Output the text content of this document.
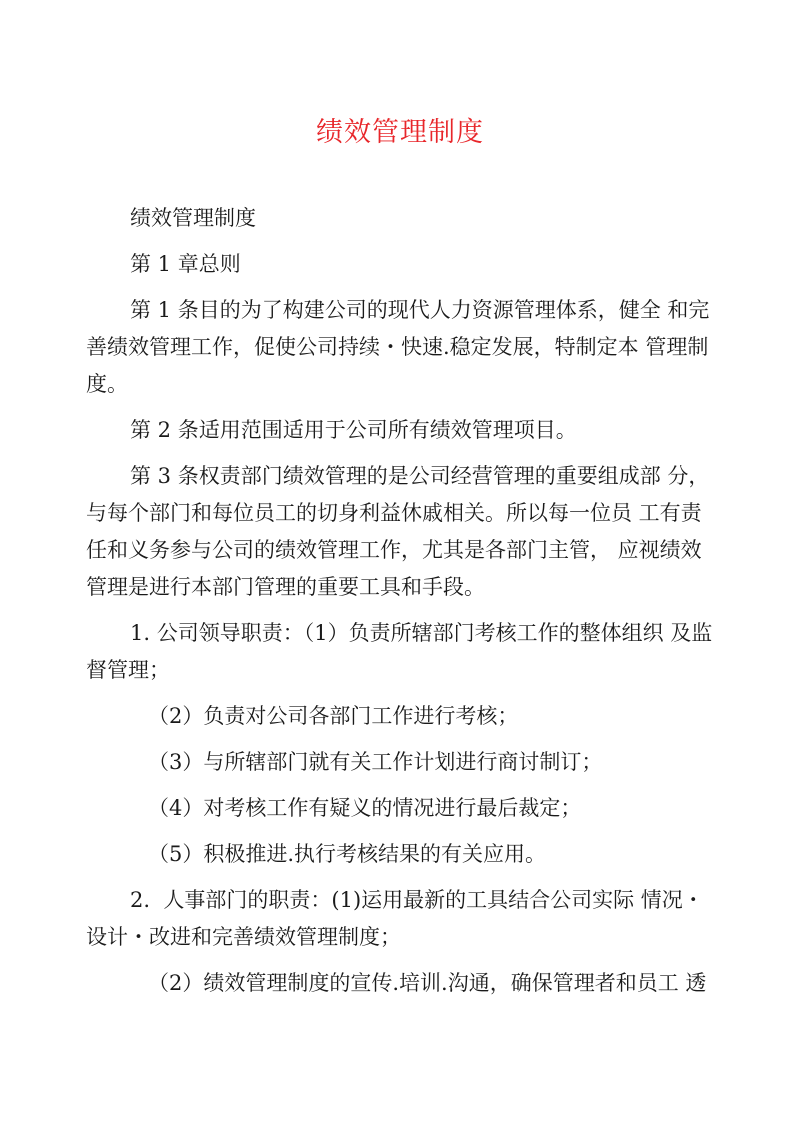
绩效管理制度

绩效管理制度

第 1 章总则

第 1 条目的为了构建公司的现代人力资源管理体系，健全 和完善绩效管理工作，促使公司持续・快速.稳定发展，特制定本 管理制度。

第 2 条适用范围适用于公司所有绩效管理项目。

第 3 条权责部门绩效管理的是公司经营管理的重要组成部 分，与每个部门和每位员工的切身利益休戚相关。所以每一位员 工有责任和义务参与公司的绩效管理工作，尤其是各部门主管， 应视绩效管理是进行本部门管理的重要工具和手段。

1. 公司领导职责：（1）负责所辖部门考核工作的整体组织 及监督管理；

（2）负责对公司各部门工作进行考核；

（3）与所辖部门就有关工作计划进行商讨制订；

（4）对考核工作有疑义的情况进行最后裁定；

（5）积极推进.执行考核结果的有关应用。

2.  人事部门的职责：(1)运用最新的工具结合公司实际 情况・设计・改进和完善绩效管理制度；

（2）绩效管理制度的宣传.培训.沟通，确保管理者和员工 透
